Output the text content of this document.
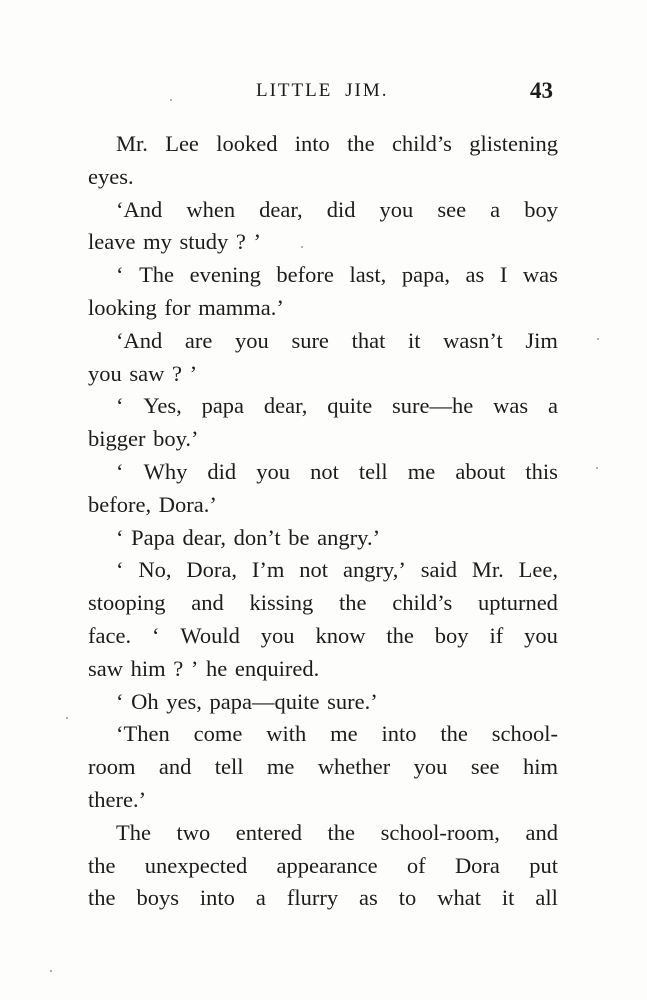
LITTLE JIM.	43
Mr. Lee looked into the child’s glistening
eyes.
‘And when dear, did you see a boy
leave
my
study
?
’
‘ The evening before last, papa, as I was
looking
for
mamma.’
‘And are you sure that it wasn’t Jim
you
saw
?
’
‘ Yes, papa dear, quite sure—he was a
bigger
boy.’
‘ Why did you not tell me about this
before,
Dora.’
‘
Papa
dear,
don’t
be
angry.’
‘ No, Dora, I’m not angry,’ said Mr. Lee,
stooping and kissing the child’s upturned
face. ‘ Would you know the boy if you
saw
him
?
’
he
enquired.
‘
Oh
yes,
papa—quite
sure.’
‘Then come with me into the school-
room and tell me whether you see him
there.’
The two entered the school-room, and
the unexpected appearance of Dora put
the boys into a flurry as to what it all
